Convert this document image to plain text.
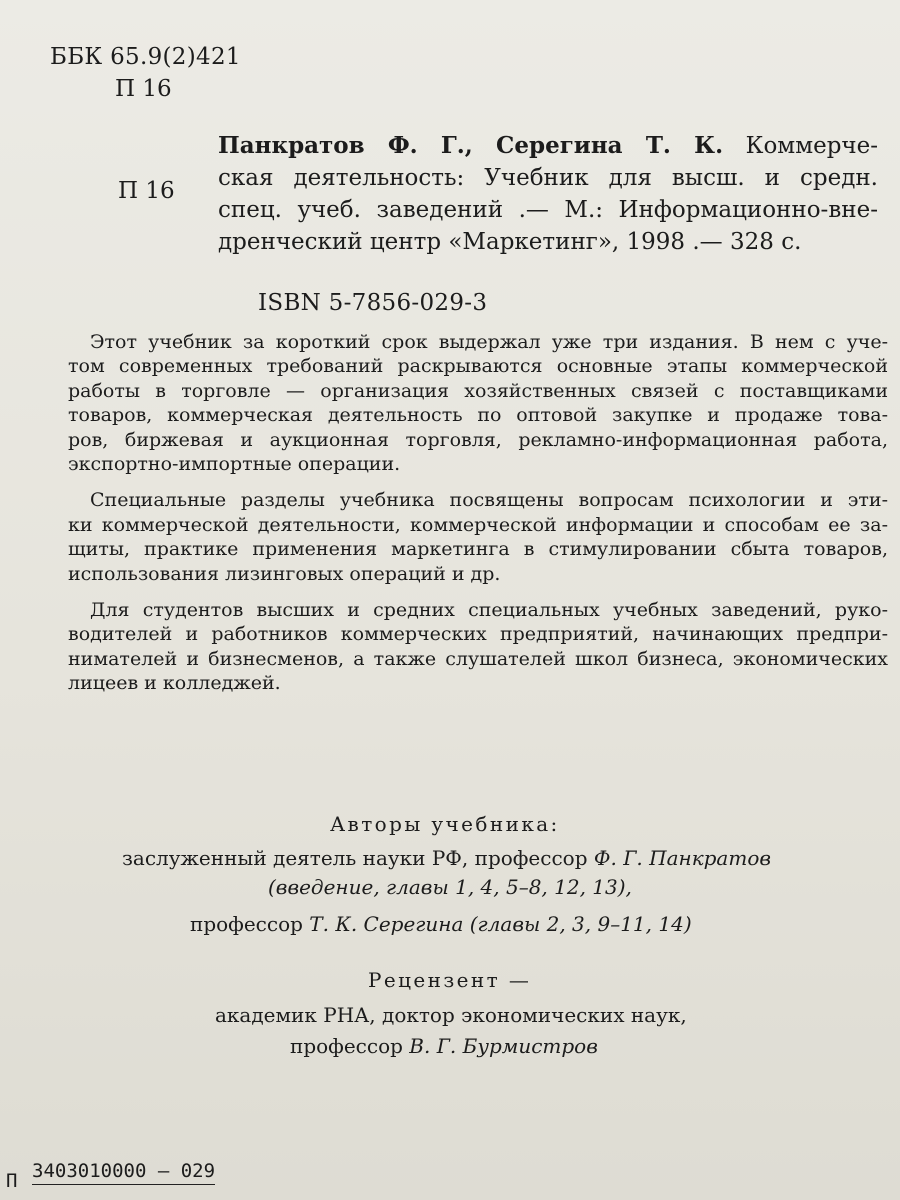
ББК 65.9(2)421
П 16
П 16
Панкратов Ф. Г., Серегина Т. К. Коммерче-
ская деятельность: Учебник для высш. и средн.
спец. учеб. заведений .— М.: Информационно-вне-
дренческий центр «Маркетинг», 1998 .— 328 с.
ISBN 5-7856-029-3
Этот учебник за короткий срок выдержал уже три издания. В нем с уче-
том современных требований раскрываются основные этапы коммерческой
работы в торговле — организация хозяйственных связей с поставщиками
товаров, коммерческая деятельность по оптовой закупке и продаже това-
ров, биржевая и аукционная торговля, рекламно-информационная работа,
экспортно-импортные операции.
Специальные разделы учебника посвящены вопросам психологии и эти-
ки коммерческой деятельности, коммерческой информации и способам ее за-
щиты, практике применения маркетинга в стимулировании сбыта товаров,
использования лизинговых операций и др.
Для студентов высших и средних специальных учебных заведений, руко-
водителей и работников коммерческих предприятий, начинающих предпри-
нимателей и бизнесменов, а также слушателей школ бизнеса, экономических
лицеев и колледжей.
Авторы учебника:
заслуженный деятель науки РФ, профессор Ф. Г. Панкратов
(введение, главы 1, 4, 5–8, 12, 13),
профессор Т. К. Серегина (главы 2, 3, 9–11, 14)
Рецензент —
академик РНА, доктор экономических наук,
профессор В. Г. Бурмистров
П 3403010000 – 029
